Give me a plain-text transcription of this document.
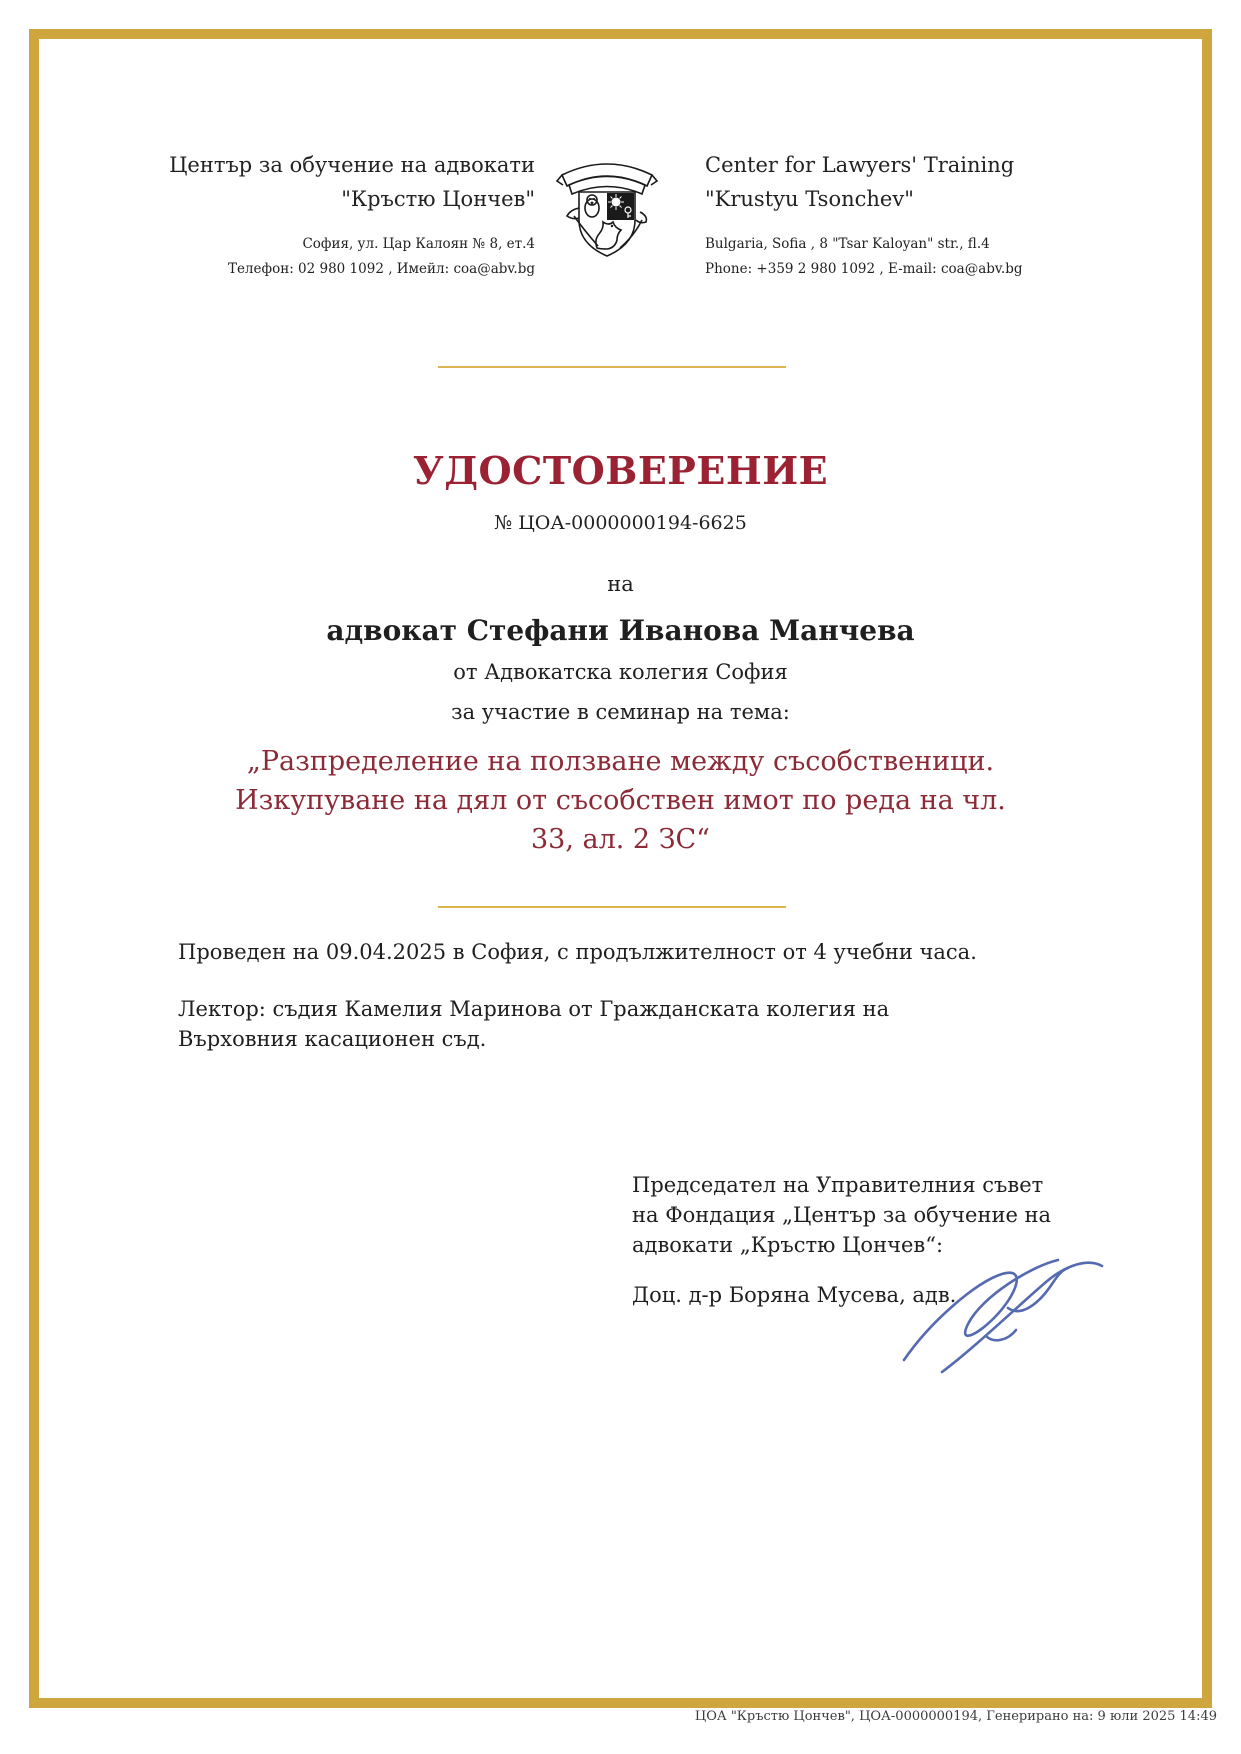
Център за обучение на адвокати
"Кръстю Цончев"
София, ул. Цар Калоян № 8, ет.4
Телефон: 02 980 1092 , Имейл: coa@abv.bg
Center for Lawyers' Training
"Krustyu Tsonchev"
Bulgaria, Sofia , 8 "Tsar Kaloyan" str., fl.4
Phone: +359 2 980 1092 , E-mail: coa@abv.bg
УДОСТОВЕРЕНИЕ
№ ЦОА-0000000194-6625
на
адвокат Стефани Иванова Манчева
от Адвокатска колегия София
за участие в семинар на тема:
„Разпределение на ползване между съсобственици.
Изкупуване на дял от съсобствен имот по реда на чл.
33, ал. 2 ЗС“
Проведен на 09.04.2025 в София, с продължителност от 4 учебни часа.
Лектор: съдия Камелия Маринова от Гражданската колегия на Върховния касационен съд.
Председател на Управителния съвет
на Фондация „Център за обучение на
адвокати „Кръстю Цончев“:
Доц. д-р Боряна Мусева, адв.
ЦОА "Кръстю Цончев", ЦОА-0000000194, Генерирано на: 9 юли 2025 14:49
